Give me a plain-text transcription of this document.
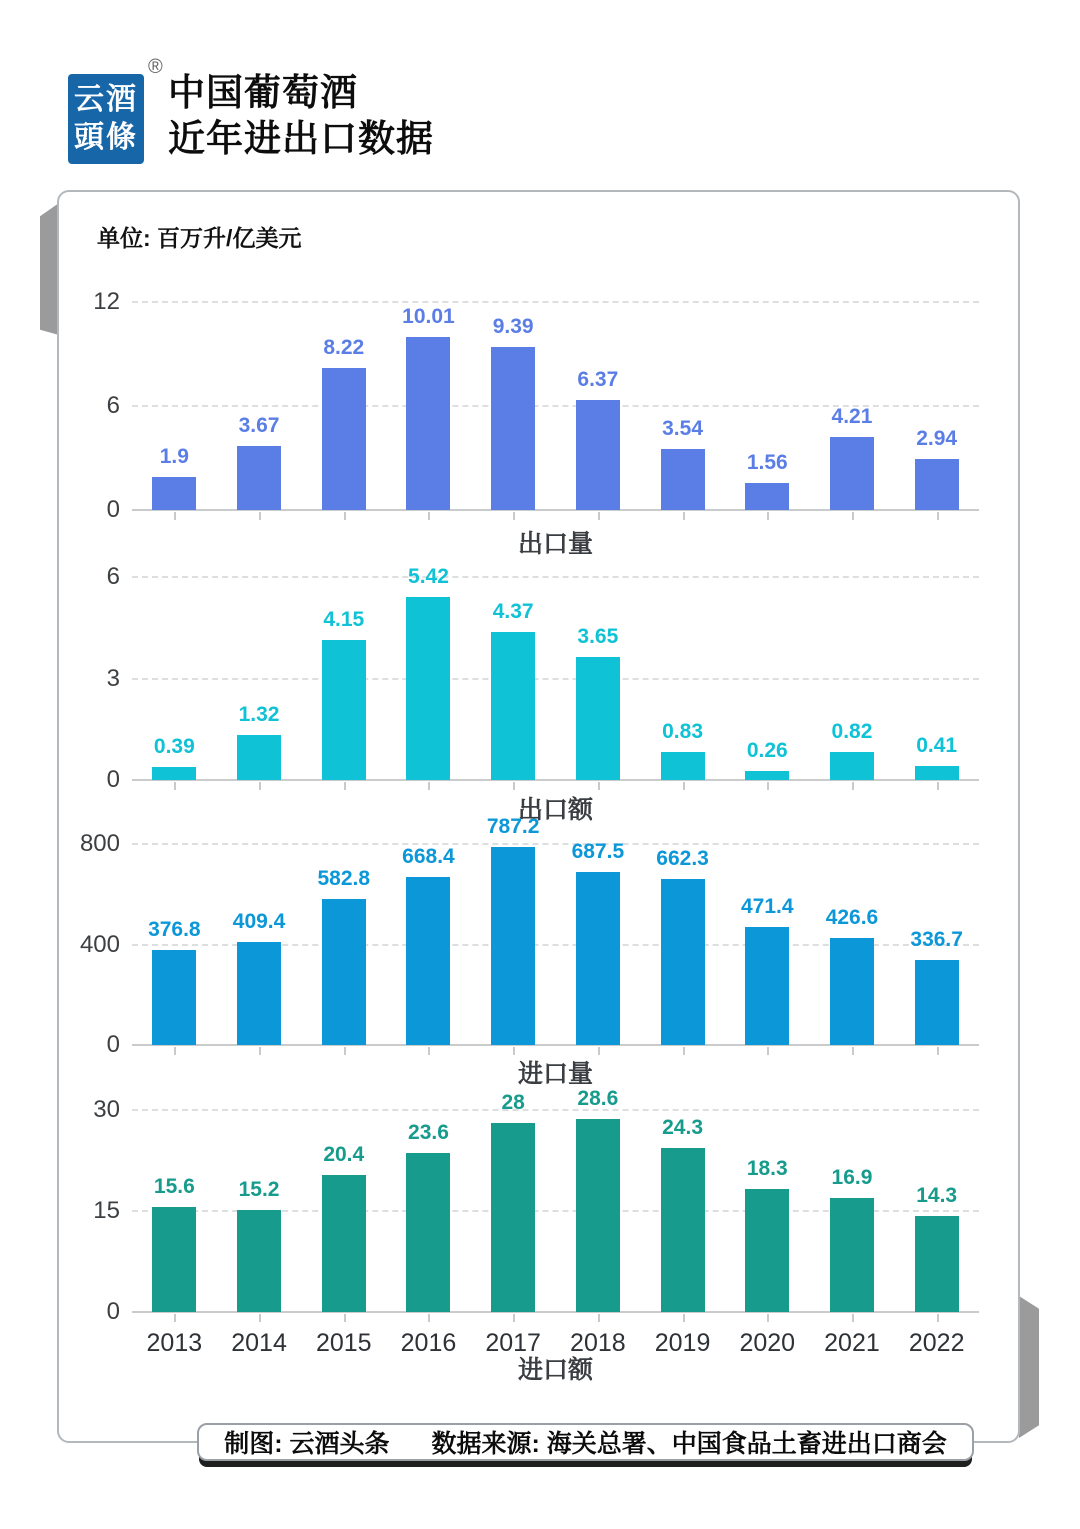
云酒
頭條
®
中国葡萄酒
近年进出口数据
单位: 百万升/亿美元
0
6
12
1.9
3.67
8.22
10.01 9.39
6.37
3.54
1.56
4.21
2.94
出口量
0
3
6
0.39
1.32
4.15
5.42
4.37
3.65
0.83
0.26
0.82
0.41
出口额
0
400
800
376.8 409.4
582.8
668.4
787.2
687.5 662.3
471.4 426.6
336.7
进口量
0
15
30
15.6
2013
15.2
2014
20.4
2015
23.6
2016
28
2017
28.6
2018
24.3
2019
18.3
2020
16.9
2021
14.3
2022
进口额
制图: 云酒头条 数据来源: 海关总署、中国食品土畜进出口商会
